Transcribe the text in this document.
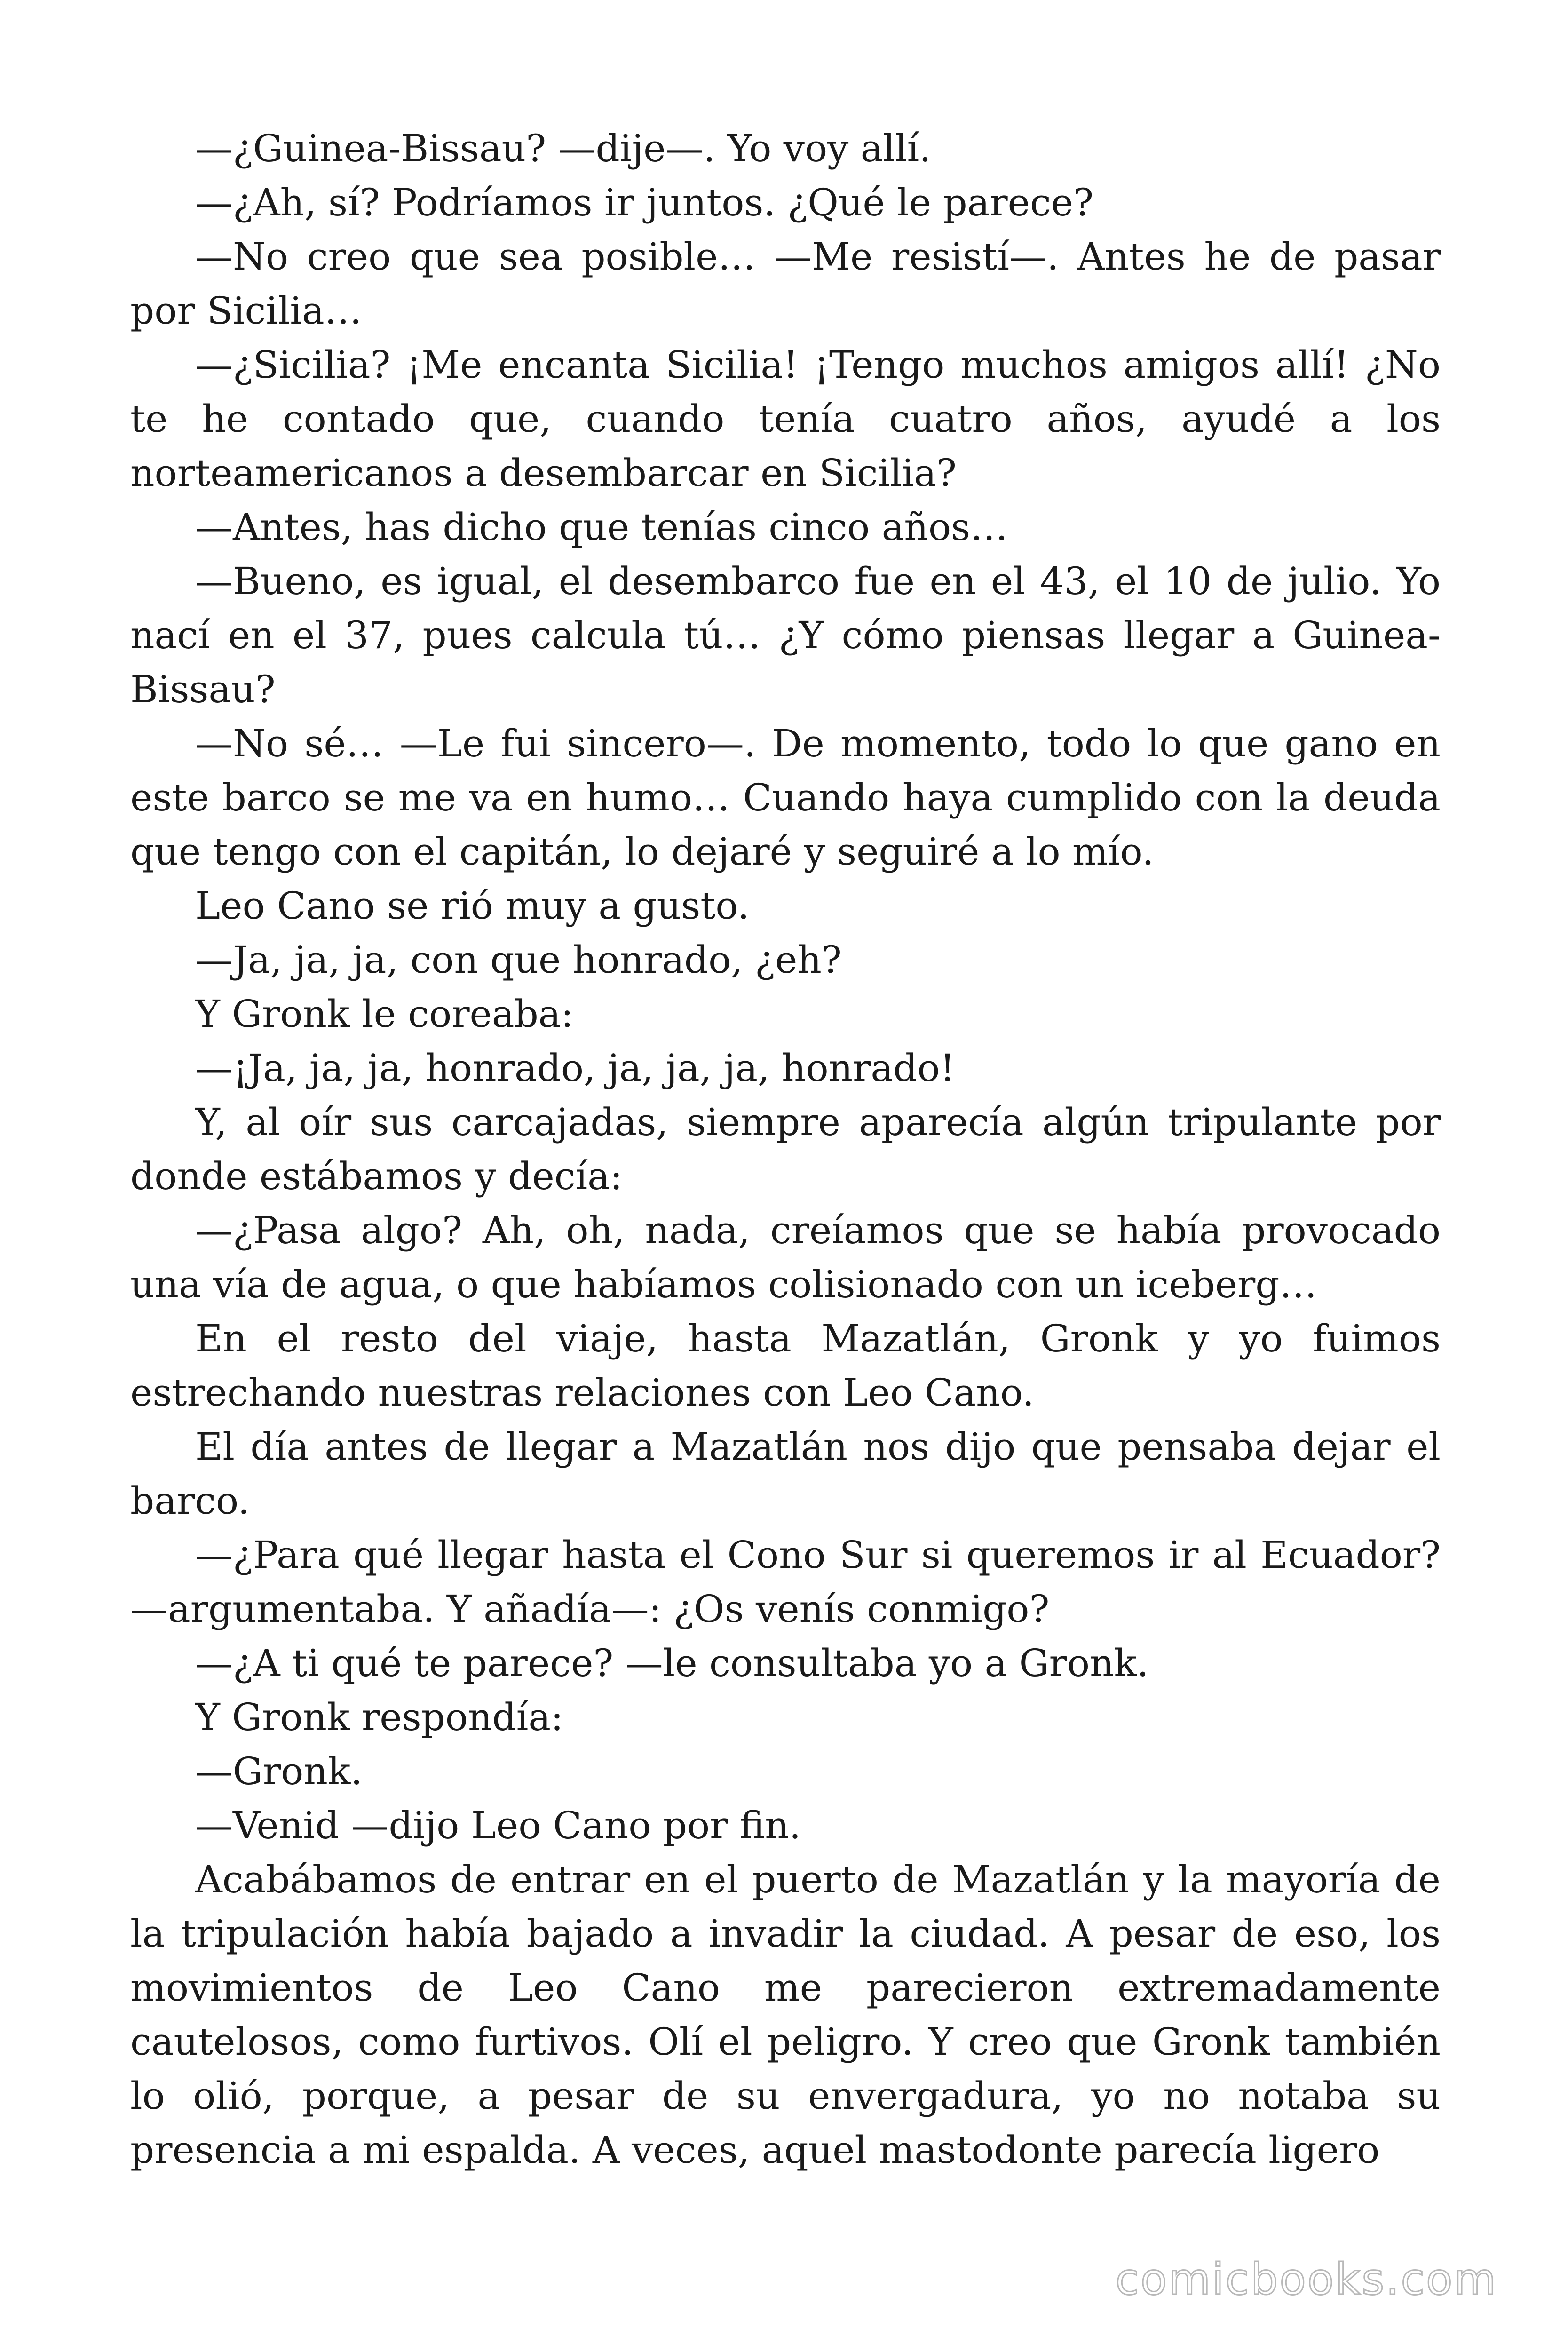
—¿Guinea-Bissau? —dije—. Yo voy allí.

—¿Ah, sí? Podríamos ir juntos. ¿Qué le parece?

—No creo que sea posible… —Me resistí—. Antes he de pasar por Sicilia…

—¿Sicilia? ¡Me encanta Sicilia! ¡Tengo muchos amigos allí! ¿No te he contado que, cuando tenía cuatro años, ayudé a los norteamericanos a desembarcar en Sicilia?

—Antes, has dicho que tenías cinco años…

—Bueno, es igual, el desembarco fue en el 43, el 10 de julio. Yo nací en el 37, pues calcula tú… ¿Y cómo piensas llegar a Guinea-Bissau?

—No sé… —Le fui sincero—. De momento, todo lo que gano en este barco se me va en humo… Cuando haya cumplido con la deuda que tengo con el capitán, lo dejaré y seguiré a lo mío.

Leo Cano se rió muy a gusto.

—Ja, ja, ja, con que honrado, ¿eh?

Y Gronk le coreaba:

—¡Ja, ja, ja, honrado, ja, ja, ja, honrado!

Y, al oír sus carcajadas, siempre aparecía algún tripulante por donde estábamos y decía:

—¿Pasa algo? Ah, oh, nada, creíamos que se había provocado una vía de agua, o que habíamos colisionado con un iceberg…

En el resto del viaje, hasta Mazatlán, Gronk y yo fuimos estrechando nuestras relaciones con Leo Cano.

El día antes de llegar a Mazatlán nos dijo que pensaba dejar el barco.

—¿Para qué llegar hasta el Cono Sur si queremos ir al Ecuador? —argumentaba. Y añadía—: ¿Os venís conmigo?

—¿A ti qué te parece? —le consultaba yo a Gronk.

Y Gronk respondía:

—Gronk.

—Venid —dijo Leo Cano por fin.

Acabábamos de entrar en el puerto de Mazatlán y la mayoría de la tripulación había bajado a invadir la ciudad. A pesar de eso, los movimientos de Leo Cano me parecieron extremadamente cautelosos, como furtivos. Olí el peligro. Y creo que Gronk también lo olió, porque, a pesar de su envergadura, yo no notaba su presencia a mi espalda. A veces, aquel mastodonte parecía ligero

comicbooks.com
